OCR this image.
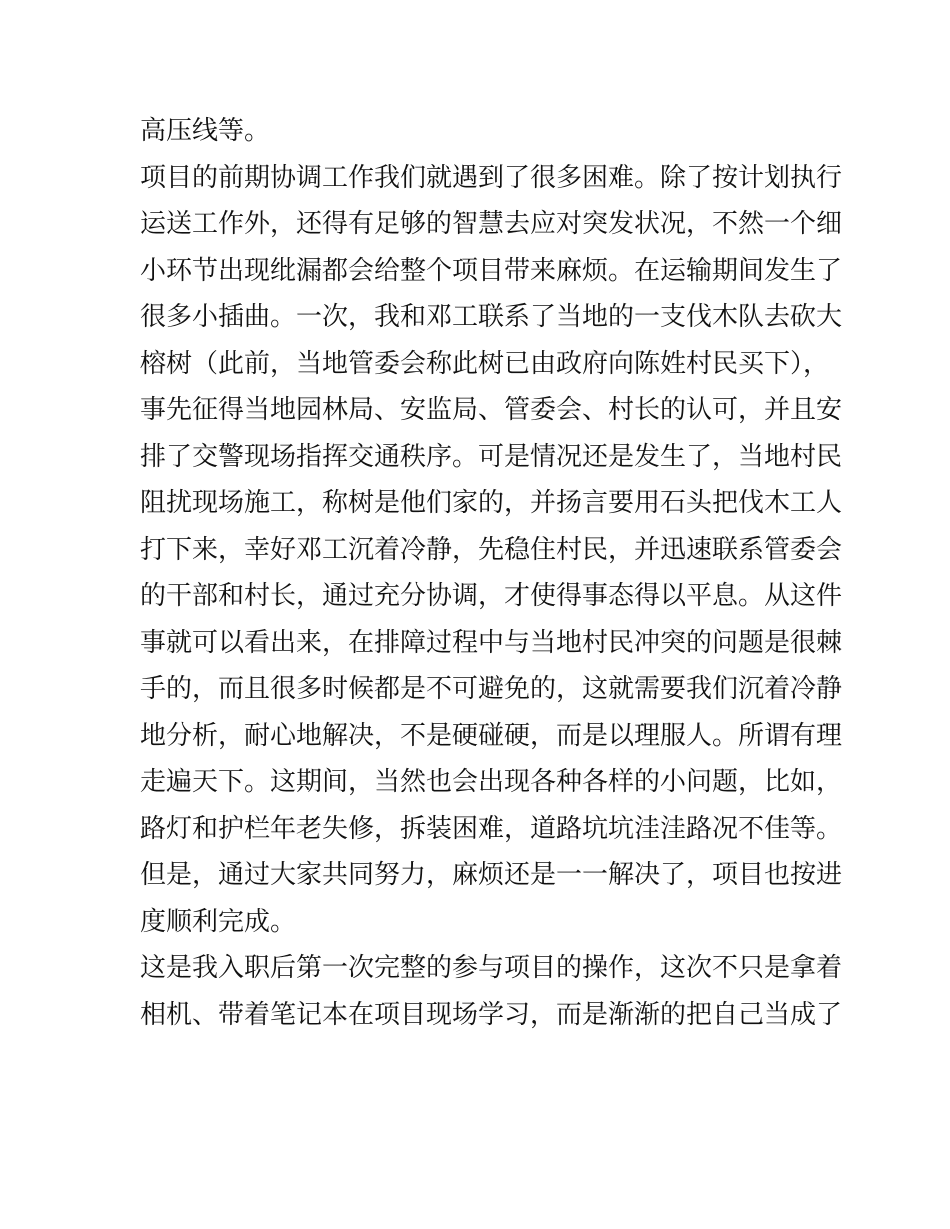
高压线等。
项目的前期协调工作我们就遇到了很多困难。除了按计划执行
运送工作外，还得有足够的智慧去应对突发状况，不然一个细
小环节出现纰漏都会给整个项目带来麻烦。在运输期间发生了
很多小插曲。一次，我和邓工联系了当地的一支伐木队去砍大
榕树（此前，当地管委会称此树已由政府向陈姓村民买下），
事先征得当地园林局、安监局、管委会、村长的认可，并且安
排了交警现场指挥交通秩序。可是情况还是发生了，当地村民
阻扰现场施工，称树是他们家的，并扬言要用石头把伐木工人
打下来，幸好邓工沉着冷静，先稳住村民，并迅速联系管委会
的干部和村长，通过充分协调，才使得事态得以平息。从这件
事就可以看出来，在排障过程中与当地村民冲突的问题是很棘
手的，而且很多时候都是不可避免的，这就需要我们沉着冷静
地分析，耐心地解决，不是硬碰硬，而是以理服人。所谓有理
走遍天下。这期间，当然也会出现各种各样的小问题，比如，
路灯和护栏年老失修，拆装困难，道路坑坑洼洼路况不佳等。
但是，通过大家共同努力，麻烦还是一一解决了，项目也按进
度顺利完成。
这是我入职后第一次完整的参与项目的操作，这次不只是拿着
相机、带着笔记本在项目现场学习，而是渐渐的把自己当成了
